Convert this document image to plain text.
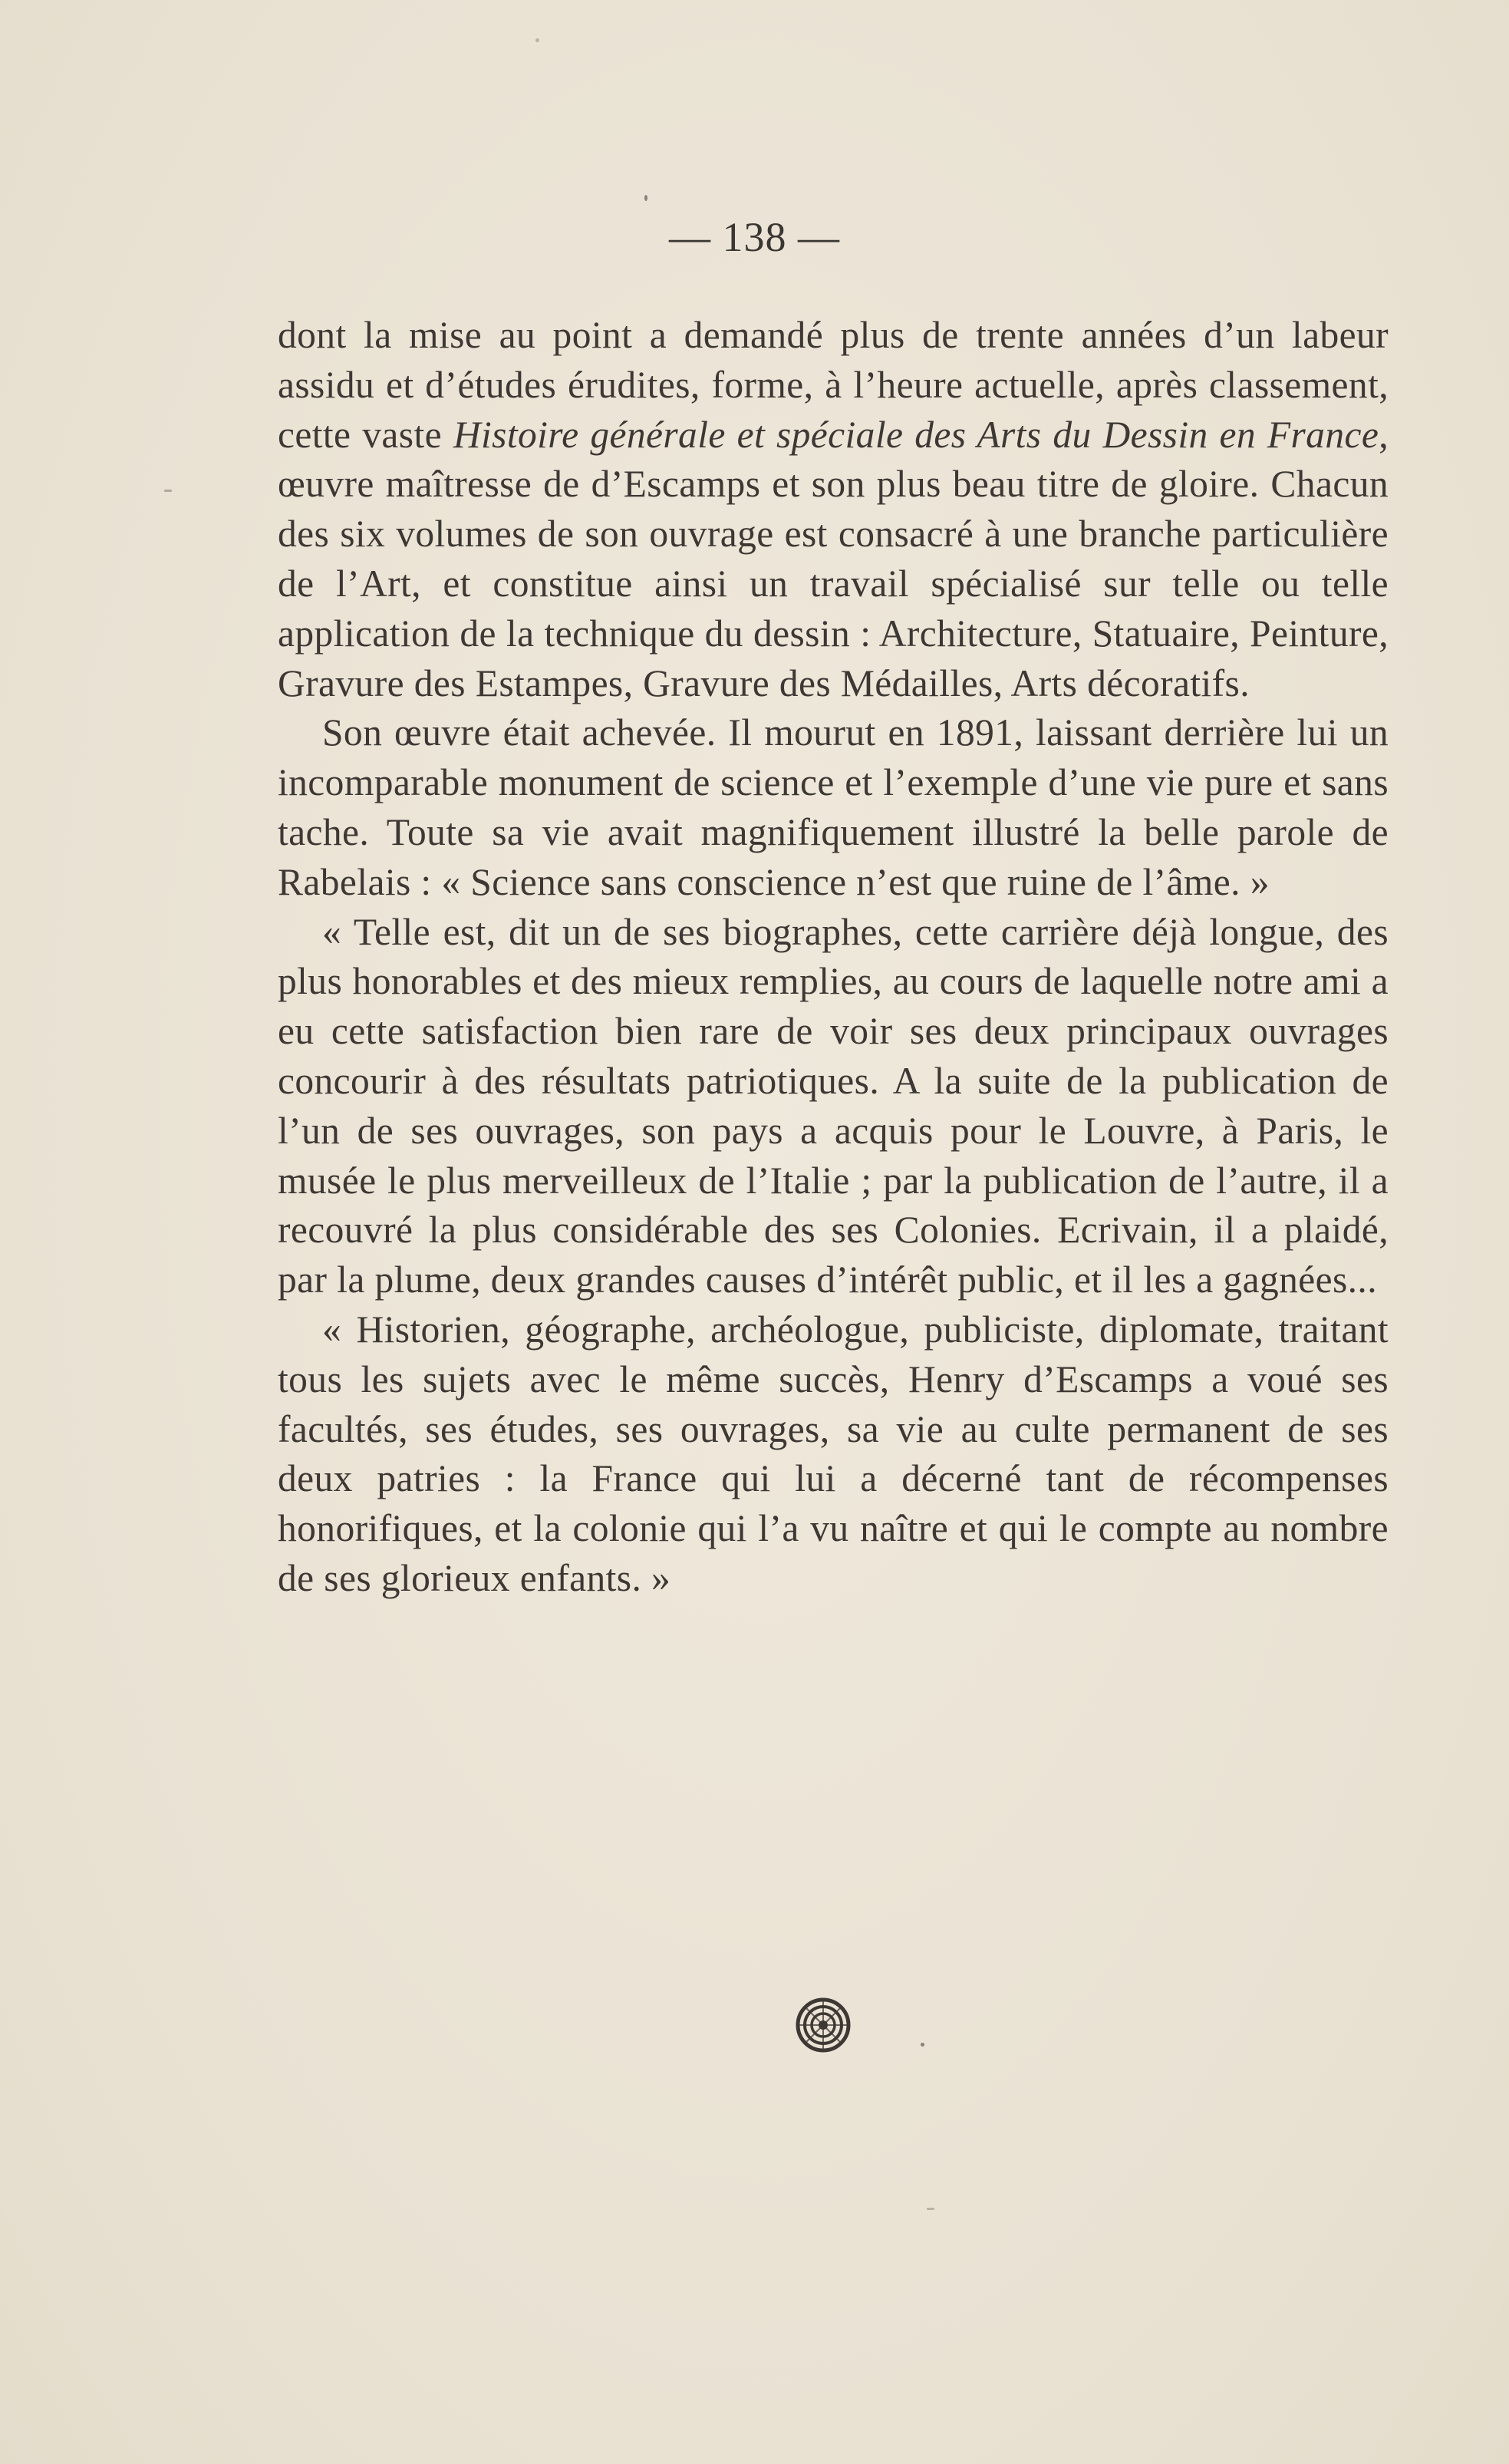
— 138 —

dont la mise au point a demandé plus de trente années d’un labeur assidu et d’études érudites, forme, à l’heure actuelle, après classement, cette vaste Histoire générale et spéciale des Arts du Dessin en France, œuvre maîtresse de d’Escamps et son plus beau titre de gloire. Chacun des six volumes de son ouvrage est consacré à une branche particulière de l’Art, et constitue ainsi un travail spécialisé sur telle ou telle application de la technique du dessin : Architecture, Statuaire, Peinture, Gravure des Estampes, Gravure des Médailles, Arts décoratifs.

Son œuvre était achevée. Il mourut en 1891, laissant derrière lui un incomparable monument de science et l’exemple d’une vie pure et sans tache. Toute sa vie avait magnifiquement illustré la belle parole de Rabelais : « Science sans conscience n’est que ruine de l’âme. »

« Telle est, dit un de ses biographes, cette carrière déjà longue, des plus honorables et des mieux remplies, au cours de laquelle notre ami a eu cette satisfaction bien rare de voir ses deux principaux ouvrages concourir à des résultats patriotiques. A la suite de la publication de l’un de ses ouvrages, son pays a acquis pour le Louvre, à Paris, le musée le plus merveilleux de l’Italie ; par la publication de l’autre, il a recouvré la plus considérable des ses Colonies. Ecrivain, il a plaidé, par la plume, deux grandes causes d’intérêt public, et il les a gagnées...

« Historien, géographe, archéologue, publiciste, diplomate, traitant tous les sujets avec le même succès, Henry d’Escamps a voué ses facultés, ses études, ses ouvrages, sa vie au culte permanent de ses deux patries : la France qui lui a décerné tant de récompenses honorifiques, et la colonie qui l’a vu naître et qui le compte au nombre de ses glorieux enfants. »
